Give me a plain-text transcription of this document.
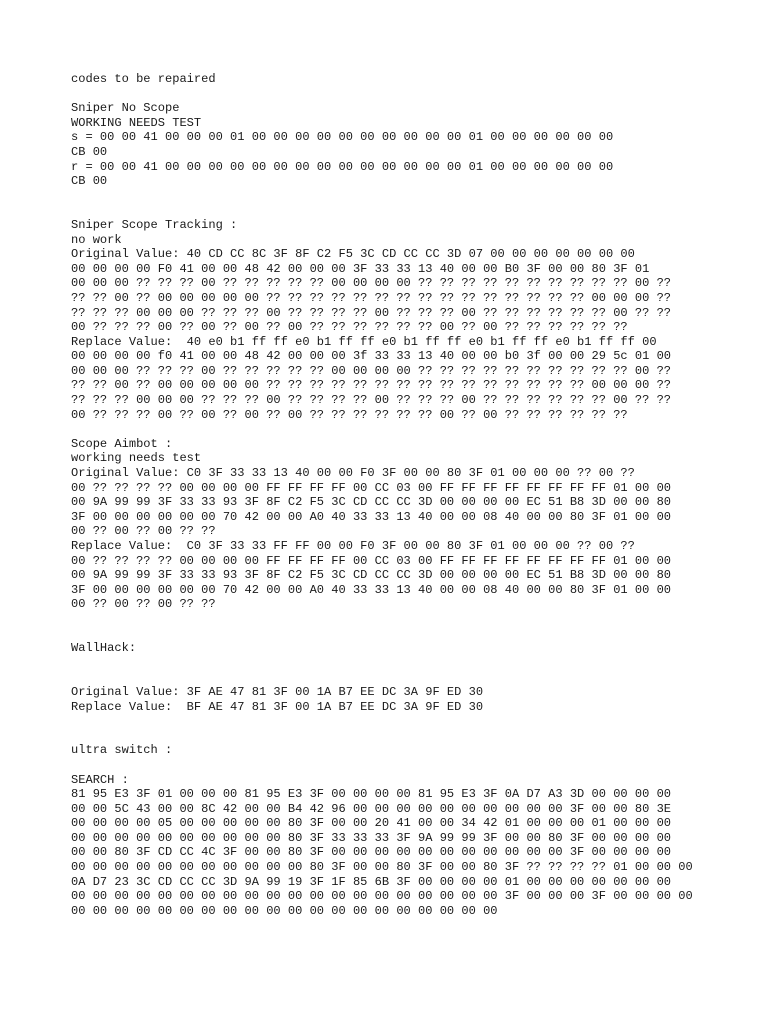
codes to be repaired
Sniper No Scope
WORKING NEEDS TEST
s = 00 00 41 00 00 00 01 00 00 00 00 00 00 00 00 00 00 01 00 00 00 00 00 00
CB 00
r = 00 00 41 00 00 00 00 00 00 00 00 00 00 00 00 00 00 01 00 00 00 00 00 00
CB 00
Sniper Scope Tracking :
no work
Original Value: 40 CD CC 8C 3F 8F C2 F5 3C CD CC CC 3D 07 00 00 00 00 00 00 00
00 00 00 00 F0 41 00 00 48 42 00 00 00 3F 33 33 13 40 00 00 B0 3F 00 00 80 3F 01
00 00 00 ?? ?? ?? 00 ?? ?? ?? ?? ?? 00 00 00 00 ?? ?? ?? ?? ?? ?? ?? ?? ?? ?? 00 ??
?? ?? 00 ?? 00 00 00 00 00 ?? ?? ?? ?? ?? ?? ?? ?? ?? ?? ?? ?? ?? ?? ?? 00 00 00 ??
?? ?? ?? 00 00 00 ?? ?? ?? 00 ?? ?? ?? ?? 00 ?? ?? ?? 00 ?? ?? ?? ?? ?? ?? 00 ?? ??
00 ?? ?? ?? 00 ?? 00 ?? 00 ?? 00 ?? ?? ?? ?? ?? ?? 00 ?? 00 ?? ?? ?? ?? ?? ??
Replace Value:  40 e0 b1 ff ff e0 b1 ff ff e0 b1 ff ff e0 b1 ff ff e0 b1 ff ff 00
00 00 00 00 f0 41 00 00 48 42 00 00 00 3f 33 33 13 40 00 00 b0 3f 00 00 29 5c 01 00
00 00 00 ?? ?? ?? 00 ?? ?? ?? ?? ?? 00 00 00 00 ?? ?? ?? ?? ?? ?? ?? ?? ?? ?? 00 ??
?? ?? 00 ?? 00 00 00 00 00 ?? ?? ?? ?? ?? ?? ?? ?? ?? ?? ?? ?? ?? ?? ?? 00 00 00 ??
?? ?? ?? 00 00 00 ?? ?? ?? 00 ?? ?? ?? ?? 00 ?? ?? ?? 00 ?? ?? ?? ?? ?? ?? 00 ?? ??
00 ?? ?? ?? 00 ?? 00 ?? 00 ?? 00 ?? ?? ?? ?? ?? ?? 00 ?? 00 ?? ?? ?? ?? ?? ??
Scope Aimbot :
working needs test
Original Value: C0 3F 33 33 13 40 00 00 F0 3F 00 00 80 3F 01 00 00 00 ?? 00 ??
00 ?? ?? ?? ?? 00 00 00 00 FF FF FF FF 00 CC 03 00 FF FF FF FF FF FF FF FF 01 00 00
00 9A 99 99 3F 33 33 93 3F 8F C2 F5 3C CD CC CC 3D 00 00 00 00 EC 51 B8 3D 00 00 80
3F 00 00 00 00 00 00 70 42 00 00 A0 40 33 33 13 40 00 00 08 40 00 00 80 3F 01 00 00
00 ?? 00 ?? 00 ?? ??
Replace Value:  C0 3F 33 33 FF FF 00 00 F0 3F 00 00 80 3F 01 00 00 00 ?? 00 ??
00 ?? ?? ?? ?? 00 00 00 00 FF FF FF FF 00 CC 03 00 FF FF FF FF FF FF FF FF 01 00 00
00 9A 99 99 3F 33 33 93 3F 8F C2 F5 3C CD CC CC 3D 00 00 00 00 EC 51 B8 3D 00 00 80
3F 00 00 00 00 00 00 70 42 00 00 A0 40 33 33 13 40 00 00 08 40 00 00 80 3F 01 00 00
00 ?? 00 ?? 00 ?? ??
WallHack:
Original Value: 3F AE 47 81 3F 00 1A B7 EE DC 3A 9F ED 30
Replace Value:  BF AE 47 81 3F 00 1A B7 EE DC 3A 9F ED 30
ultra switch :
SEARCH :
81 95 E3 3F 01 00 00 00 81 95 E3 3F 00 00 00 00 81 95 E3 3F 0A D7 A3 3D 00 00 00 00
00 00 5C 43 00 00 8C 42 00 00 B4 42 96 00 00 00 00 00 00 00 00 00 00 3F 00 00 80 3E
00 00 00 00 05 00 00 00 00 00 80 3F 00 00 20 41 00 00 34 42 01 00 00 00 01 00 00 00
00 00 00 00 00 00 00 00 00 00 80 3F 33 33 33 3F 9A 99 99 3F 00 00 80 3F 00 00 00 00
00 00 80 3F CD CC 4C 3F 00 00 80 3F 00 00 00 00 00 00 00 00 00 00 00 3F 00 00 00 00
00 00 00 00 00 00 00 00 00 00 00 80 3F 00 00 80 3F 00 00 80 3F ?? ?? ?? ?? 01 00 00 00
0A D7 23 3C CD CC CC 3D 9A 99 19 3F 1F 85 6B 3F 00 00 00 00 01 00 00 00 00 00 00 00
00 00 00 00 00 00 00 00 00 00 00 00 00 00 00 00 00 00 00 00 3F 00 00 00 3F 00 00 00 00
00 00 00 00 00 00 00 00 00 00 00 00 00 00 00 00 00 00 00 00
